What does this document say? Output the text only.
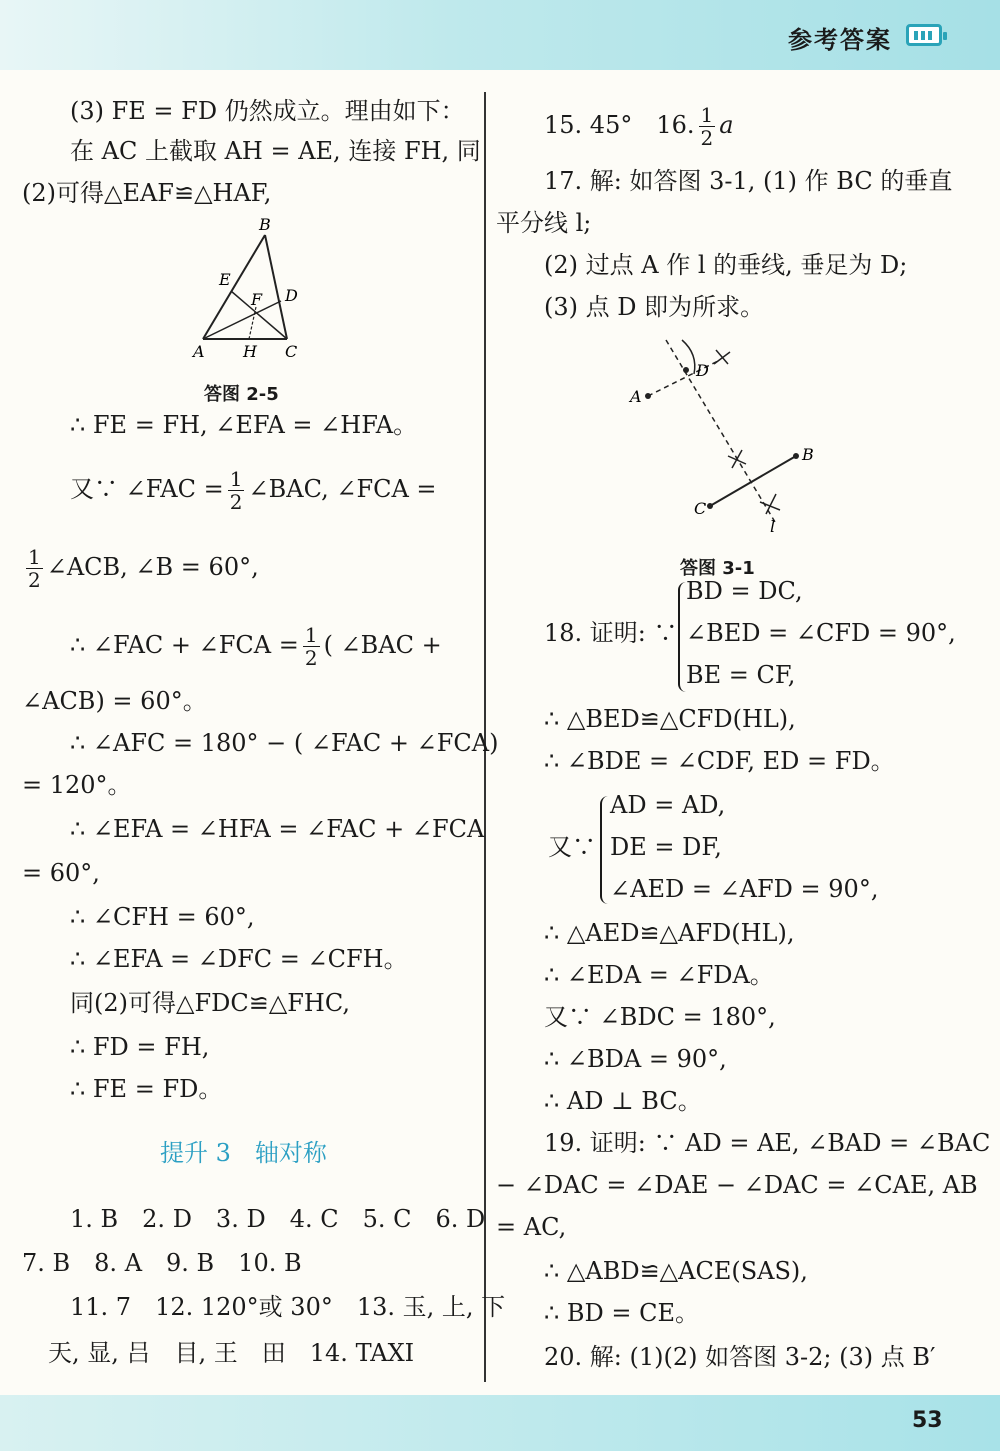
参考答案
(3) FE = FD 仍然成立。理由如下：
在 AC 上截取 AH = AE, 连接 FH, 同
(2)可得△EAF≌△HAF,
B
E
F D
A H C
答图 2-5
∴ FE = FH, ∠EFA = ∠HFA。
又∵ ∠FAC = $\frac{1}{2}$ ∠BAC, ∠FCA =
$\frac{1}{2}$ ∠ACB, ∠B = 60°,
∴ ∠FAC + ∠FCA = $\frac{1}{2}$ ( ∠BAC +
∠ACB) = 60°。
∴ ∠AFC = 180° − ( ∠FAC + ∠FCA)
= 120°。
∴ ∠EFA = ∠HFA = ∠FAC + ∠FCA
= 60°,
∴ ∠CFH = 60°,
∴ ∠EFA = ∠DFC = ∠CFH。
同(2)可得△FDC≌△FHC,
∴ FD = FH,
∴ FE = FD。
提升 3　轴对称
1. B　2. D　3. D　4. C　5. C　6. D
7. B　8. A　9. B　10. B
11. 7　12. 120°或 30°　13. 玉, 上, 下
天, 显, 吕　目, 王　田　14. TAXI
15. 45°　16. $\frac{1}{2}$ a
17. 解: 如答图 3-1, (1) 作 BC 的垂直
平分线 l;
(2) 过点 A 作 l 的垂线, 垂足为 D;
(3) 点 D 即为所求。
A
D
B
C
l
答图 3-1
BD = DC,
18. 证明: ∵ ∠BED = ∠CFD = 90°,
BE = CF,
∴ △BED≌△CFD(HL),
∴ ∠BDE = ∠CDF, ED = FD。
AD = AD,
又∵ DE = DF,
∠AED = ∠AFD = 90°,
∴ △AED≌△AFD(HL),
∴ ∠EDA = ∠FDA。
又∵ ∠BDC = 180°,
∴ ∠BDA = 90°,
∴ AD ⊥ BC。
19. 证明: ∵ AD = AE, ∠BAD = ∠BAC
− ∠DAC = ∠DAE − ∠DAC = ∠CAE, AB
= AC,
∴ △ABD≌△ACE(SAS),
∴ BD = CE。
20. 解: (1)(2) 如答图 3-2; (3) 点 B′
53
